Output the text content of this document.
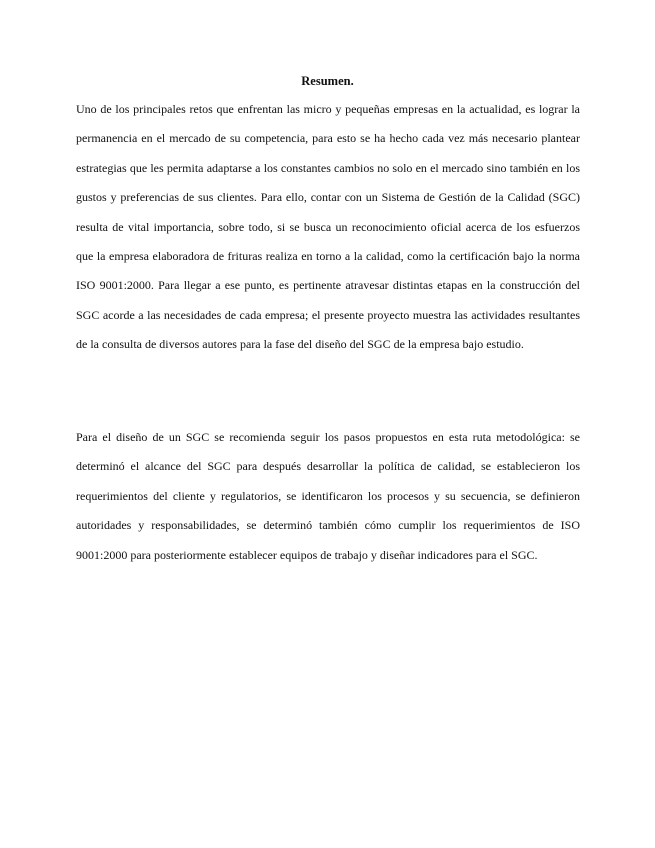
Resumen.

Uno de los principales retos que enfrentan las micro y pequeñas empresas en la actualidad, es lograr la permanencia en el mercado de su competencia, para esto se ha hecho cada vez más necesario plantear estrategias que les permita adaptarse a los constantes cambios no solo en el mercado sino también en los gustos y preferencias de sus clientes. Para ello, contar con un Sistema de Gestión de la Calidad (SGC) resulta de vital importancia, sobre todo, si se busca un reconocimiento oficial acerca de los esfuerzos que la empresa elaboradora de frituras realiza en torno a la calidad, como la certificación bajo la norma ISO 9001:2000. Para llegar a ese punto, es pertinente atravesar distintas etapas en la construcción del SGC acorde a las necesidades de cada empresa; el presente proyecto muestra las actividades resultantes de la consulta de diversos autores para la fase del diseño del SGC de la empresa bajo estudio.

Para el diseño de un SGC se recomienda seguir los pasos propuestos en esta ruta metodológica: se determinó el alcance del SGC para después desarrollar la política de calidad, se establecieron los requerimientos del cliente y regulatorios, se identificaron los procesos y su secuencia, se definieron autoridades y responsabilidades, se determinó también cómo cumplir los requerimientos de ISO 9001:2000 para posteriormente establecer equipos de trabajo y diseñar indicadores para el SGC.
